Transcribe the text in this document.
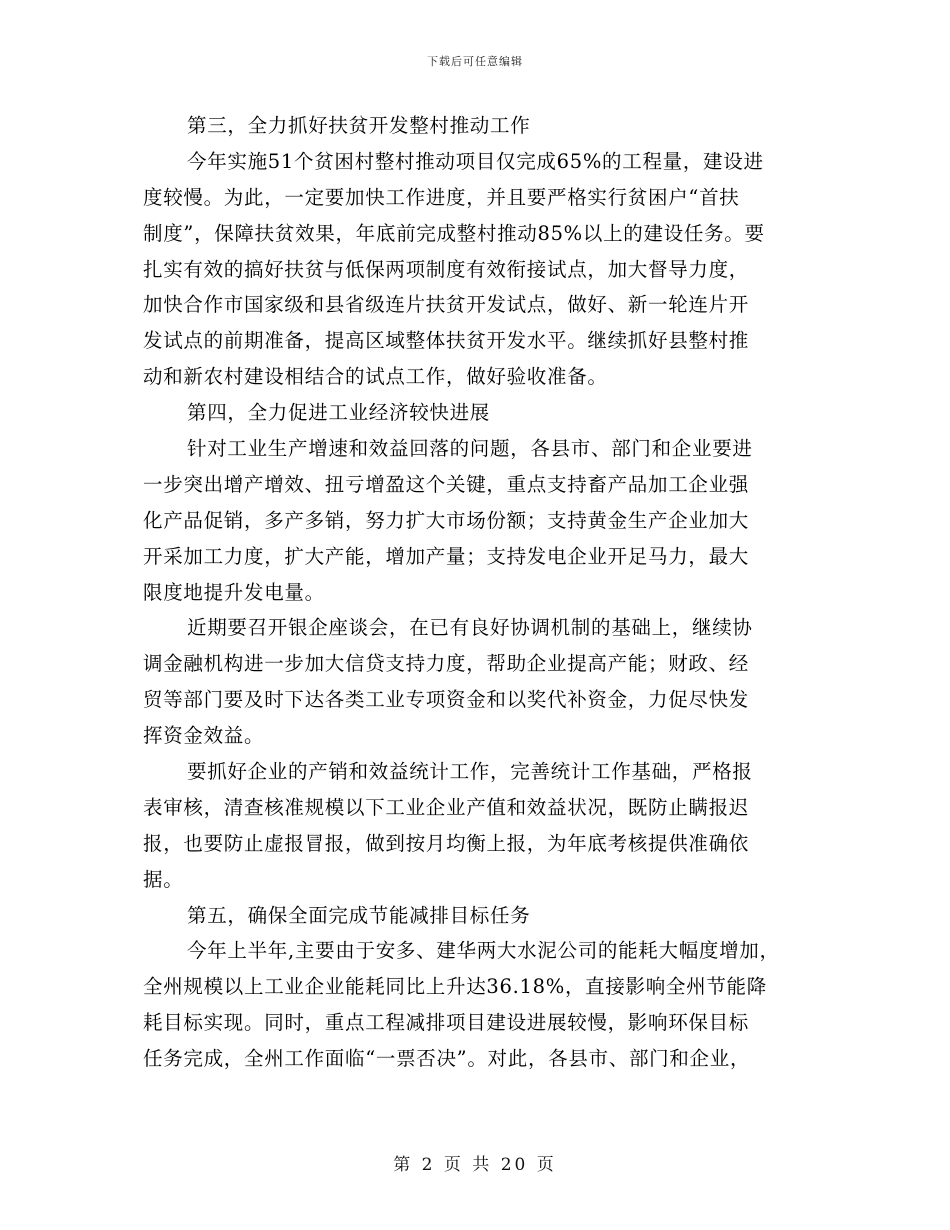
下载后可任意编辑
第三，全力抓好扶贫开发整村推动工作
今年实施51个贫困村整村推动项目仅完成65%的工程量，建设进
度较慢。为此，一定要加快工作进度，并且要严格实行贫困户“首扶
制度”，保障扶贫效果，年底前完成整村推动85%以上的建设任务。要
扎实有效的搞好扶贫与低保两项制度有效衔接试点，加大督导力度，
加快合作市国家级和县省级连片扶贫开发试点，做好、新一轮连片开
发试点的前期准备，提高区域整体扶贫开发水平。继续抓好县整村推
动和新农村建设相结合的试点工作，做好验收准备。
第四，全力促进工业经济较快进展
针对工业生产增速和效益回落的问题，各县市、部门和企业要进
一步突出增产增效、扭亏增盈这个关键，重点支持畜产品加工企业强
化产品促销，多产多销，努力扩大市场份额；支持黄金生产企业加大
开采加工力度，扩大产能，增加产量；支持发电企业开足马力，最大
限度地提升发电量。
近期要召开银企座谈会，在已有良好协调机制的基础上，继续协
调金融机构进一步加大信贷支持力度，帮助企业提高产能；财政、经
贸等部门要及时下达各类工业专项资金和以奖代补资金，力促尽快发
挥资金效益。
要抓好企业的产销和效益统计工作，完善统计工作基础，严格报
表审核，清查核准规模以下工业企业产值和效益状况，既防止瞒报迟
报，也要防止虚报冒报，做到按月均衡上报，为年底考核提供准确依
据。
第五，确保全面完成节能减排目标任务
今年上半年,主要由于安多、建华两大水泥公司的能耗大幅度增加，
全州规模以上工业企业能耗同比上升达36.18%，直接影响全州节能降
耗目标实现。同时，重点工程减排项目建设进展较慢，影响环保目标
任务完成，全州工作面临“一票否决”。对此，各县市、部门和企业，
第 2 页 共 20 页
